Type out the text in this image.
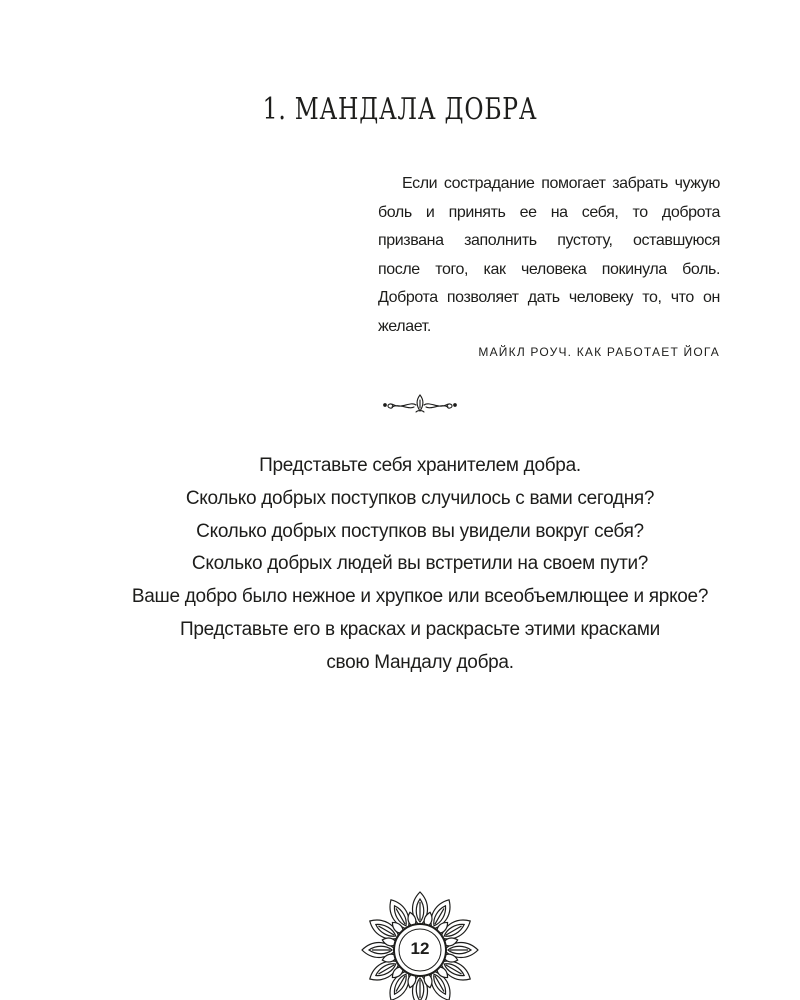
1. МАНДАЛА ДОБРА

Если сострадание помогает забрать чужую боль и принять ее на себя, то доброта призвана заполнить пустоту, оставшуюся после того, как человека покинула боль. Доброта позволяет дать человеку то, что он желает.

МАЙКЛ РОУЧ. КАК РАБОТАЕТ ЙОГА

Представьте себя хранителем добра.
Сколько добрых поступков случилось с вами сегодня?
Сколько добрых поступков вы увидели вокруг себя?
Сколько добрых людей вы встретили на своем пути?
Ваше добро было нежное и хрупкое или всеобъемлющее и яркое?
Представьте его в красках и раскрасьте этими красками
свою Мандалу добра.
12
